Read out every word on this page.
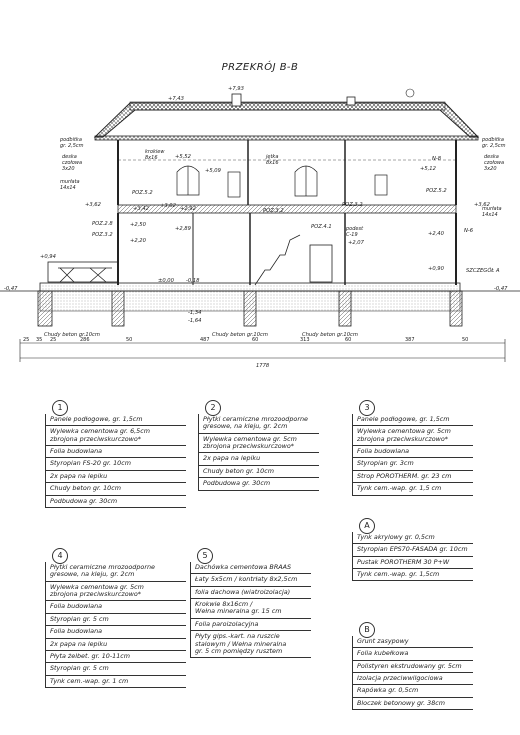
PRZEKRÓJ B-B
+7,43
+7,93
+5,52
+5,09	+5,12
+3,62	+3,62
+3,42 +3,02 +2,92
+2,89
+2,50
+2,20
+2,40
+2,07
+0,94
+0,90
±0,00 -0,18
-0,47	-0,47
-1,34
-1,64
POZ.5.2	POZ.5.2
POZ.3.2
POZ.3.2
POZ.4.1
POZ.2.8
POZ.3.2
N-8
N-6
SZCZEGÓŁ A
Chudy beton gr.10cm	Chudy beton gr.10cm	Chudy beton gr.10cm
1778
podbitka gr. 2,5cm
deska czołowa 3x20
murłata 14x14
podbitka gr. 2,5cm
deska czołowa 3x20
murłata 14x14
krokiew 8x16	jętka 8x16
podest C-19
25 35 25	286	50	487	60	313	60	387	50
1
Panele podłogowe, gr. 1,5cm
Wylewka cementowa gr. 6,5cm
zbrojona przeciwskurczowo*
Folia budowlana
Styropian FS-20 gr. 10cm
2x papa na lepiku
Chudy beton gr. 10cm
Podbudowa gr. 30cm
2
Płytki ceramiczne mrozoodporne
gresowe, na kleju, gr. 2cm
Wylewka cementowa gr. 5cm
zbrojona przeciwskurczowo*
2x papa na lepiku
Chudy beton gr. 10cm
Podbudowa gr. 30cm
3
Panele podłogowe, gr. 1,5cm
Wylewka cementowa gr. 5cm
zbrojona przeciwskurczowo*
Folia budowlana
Styropian gr. 3cm
Strop POROTHERM. gr. 23 cm
Tynk cem.-wap. gr. 1,5 cm
4
Płytki ceramiczne mrozoodporne
gresowe, na kleju, gr. 2cm
Wylewka cementowa gr. 5cm
zbrojona przeciwskurczowo*
Folia budowlana
Styropian gr. 5 cm
Folia budowlana
2x papa na lepiku
Płyta żelbet. gr. 10-11cm
Styropian gr. 5 cm
Tynk cem.-wap. gr. 1 cm
5
Dachówka cementowa BRAAS
Łaty 5x5cm / kontrłaty 8x2,5cm
folia dachowa (wiatroizolacja)
Krokwie 8x16cm /
Wełna mineralna gr. 15 cm
Folia paroizolacyjna
Płyty gips.-kart. na ruszcie
stalowym / Wełna mineralna
gr. 5 cm pomiędzy rusztem
A
Tynk akrylowy gr. 0,5cm
Styropian EPS70-FASADA gr. 10cm
Pustak POROTHERM 30 P+W
Tynk cem.-wap. gr. 1,5cm
B
Grunt zasypowy
Folia kubełkowa
Polistyren ekstrudowany gr. 5cm
Izolacja przeciwwilgociowa
Rapówka gr. 0,5cm
Bloczek betonowy gr. 38cm
